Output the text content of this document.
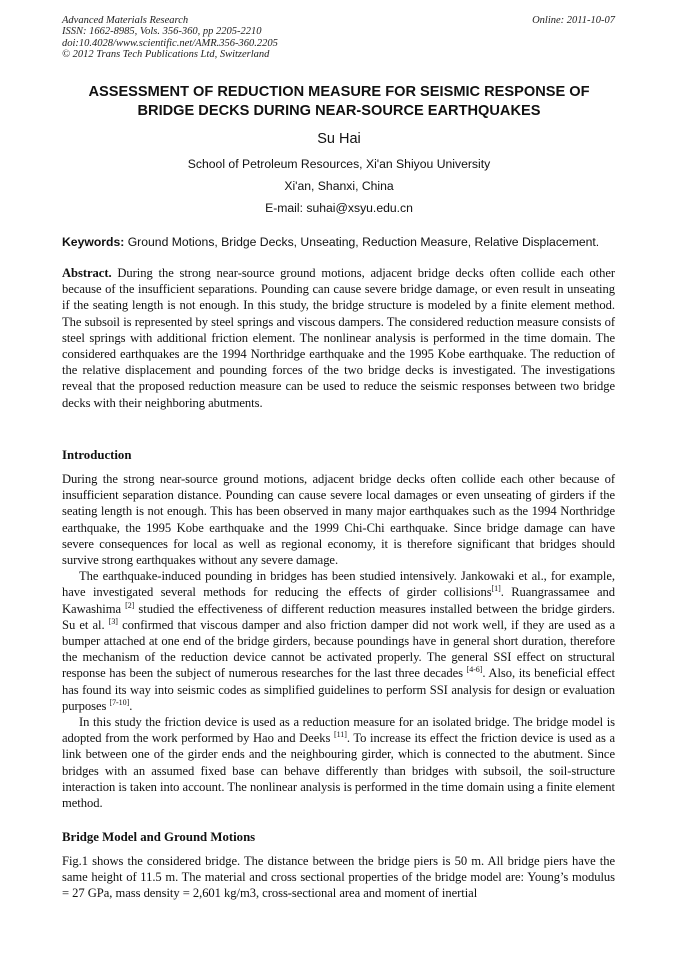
Advanced Materials Research
ISSN: 1662-8985, Vols. 356-360, pp 2205-2210
doi:10.4028/www.scientific.net/AMR.356-360.2205
© 2012 Trans Tech Publications Ltd, Switzerland
Online: 2011-10-07
ASSESSMENT OF REDUCTION MEASURE FOR SEISMIC RESPONSE OF
BRIDGE DECKS DURING NEAR-SOURCE EARTHQUAKES
Su Hai
School of Petroleum Resources, Xi'an Shiyou University
Xi'an, Shanxi, China
E-mail: suhai@xsyu.edu.cn
Keywords: Ground Motions, Bridge Decks, Unseating, Reduction Measure, Relative Displacement.

Abstract. During the strong near-source ground motions, adjacent bridge decks often collide each other because of the insufficient separations. Pounding can cause severe bridge damage, or even result in unseating if the seating length is not enough. In this study, the bridge structure is modeled by a finite element method. The subsoil is represented by steel springs and viscous dampers. The considered reduction measure consists of steel springs with additional friction element. The nonlinear analysis is performed in the time domain. The considered earthquakes are the 1994 Northridge earthquake and the 1995 Kobe earthquake. The reduction of the relative displacement and pounding forces of the two bridge decks is investigated. The investigations reveal that the proposed reduction measure can be used to reduce the seismic responses between two bridge decks with their neighboring abutments.

Introduction

During the strong near-source ground motions, adjacent bridge decks often collide each other because of insufficient separation distance. Pounding can cause severe local damages or even unseating of girders if the seating length is not enough. This has been observed in many major earthquakes such as the 1994 Northridge earthquake, the 1995 Kobe earthquake and the 1999 Chi-Chi earthquake. Since bridge damage can have severe consequences for local as well as regional economy, it is therefore significant that bridges should survive strong earthquakes without any severe damage.

The earthquake-induced pounding in bridges has been studied intensively. Jankowaki et al., for example, have investigated several methods for reducing the effects of girder collisions[1]. Ruangrassamee and Kawashima [2] studied the effectiveness of different reduction measures installed between the bridge girders. Su et al. [3] confirmed that viscous damper and also friction damper did not work well, if they are used as a bumper attached at one end of the bridge girders, because poundings have in general short duration, therefore the mechanism of the reduction device cannot be activated properly. The general SSI effect on structural response has been the subject of numerous researches for the last three decades [4-6]. Also, its beneficial effect has found its way into seismic codes as simplified guidelines to perform SSI analysis for design or evaluation purposes [7-10].

In this study the friction device is used as a reduction measure for an isolated bridge. The bridge model is adopted from the work performed by Hao and Deeks [11]. To increase its effect the friction device is used as a link between one of the girder ends and the neighbouring girder, which is connected to the abutment. Since bridges with an assumed fixed base can behave differently than bridges with subsoil, the soil-structure interaction is taken into account. The nonlinear analysis is performed in the time domain using a finite element method.

Bridge Model and Ground Motions

Fig.1 shows the considered bridge. The distance between the bridge piers is 50 m. All bridge piers have the same height of 11.5 m. The material and cross sectional properties of the bridge model are: Young’s modulus = 27 GPa, mass density = 2,601 kg/m3, cross-sectional area and moment of inertial
